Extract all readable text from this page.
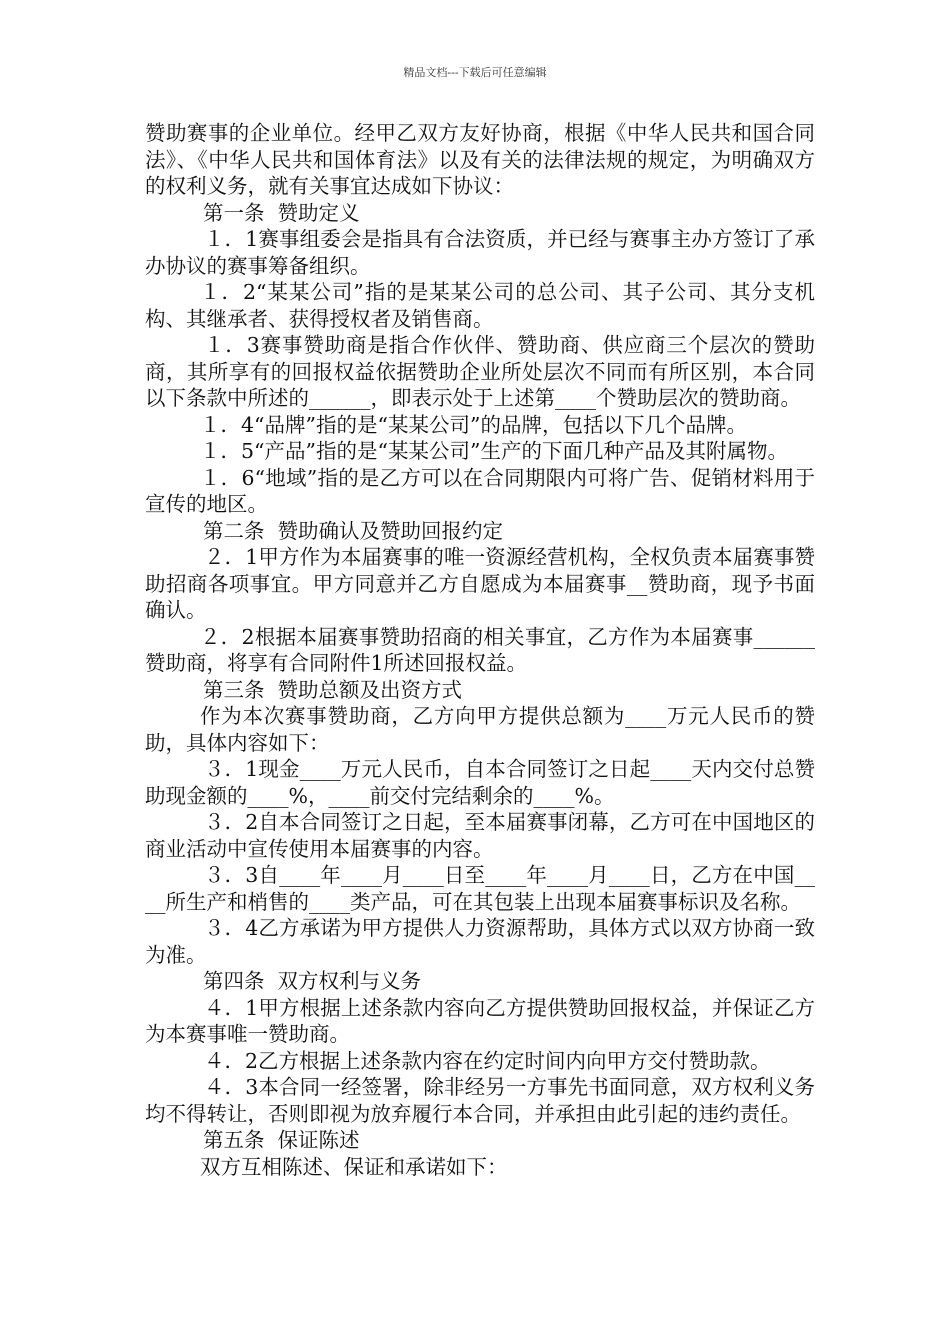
精品文档---下载后可任意编辑

赞助赛事的企业单位。经甲乙双方友好协商，根据《中华人民共和国合同法》、《中华人民共和国体育法》以及有关的法律法规的规定，为明确双方的权利义务，就有关事宜达成如下协议：

第一条  赞助定义

１．1赛事组委会是指具有合法资质，并已经与赛事主办方签订了承办协议的赛事筹备组织。

１．2“某某公司”指的是某某公司的总公司、其子公司、其分支机构、其继承者、获得授权者及销售商。

１．3赛事赞助商是指合作伙伴、赞助商、供应商三个层次的赞助商，其所享有的回报权益依据赞助企业所处层次不同而有所区别，本合同以下条款中所述的______，即表示处于上述第____个赞助层次的赞助商。

１．4“品牌”指的是“某某公司”的品牌，包括以下几个品牌。

１．5“产品”指的是“某某公司”生产的下面几种产品及其附属物。

１．6“地域”指的是乙方可以在合同期限内可将广告、促销材料用于宣传的地区。

第二条  赞助确认及赞助回报约定

２．1甲方作为本届赛事的唯一资源经营机构，全权负责本届赛事赞助招商各项事宜。甲方同意并乙方自愿成为本届赛事__赞助商，现予书面确认。

２．2根据本届赛事赞助招商的相关事宜，乙方作为本届赛事______赞助商，将享有合同附件1所述回报权益。

第三条  赞助总额及出资方式

作为本次赛事赞助商，乙方向甲方提供总额为____万元人民币的赞助，具体内容如下：

３．1现金____万元人民币，自本合同签订之日起____天内交付总赞助现金额的____%，____前交付完结剩余的____%。

３．2自本合同签订之日起，至本届赛事闭幕，乙方可在中国地区的商业活动中宣传使用本届赛事的内容。

３．3自____年____月____日至____年____月____日，乙方在中国____所生产和梢售的____类产品，可在其包装上出现本届赛事标识及名称。

３．4乙方承诺为甲方提供人力资源帮助，具体方式以双方协商一致为准。

第四条  双方权利与义务

４．1甲方根据上述条款内容向乙方提供赞助回报权益，并保证乙方为本赛事唯一赞助商。

４．2乙方根据上述条款内容在约定时间内向甲方交付赞助款。

４．3本合同一经签署，除非经另一方事先书面同意，双方权利义务均不得转让，否则即视为放弃履行本合同，并承担由此引起的违约责任。

第五条  保证陈述

双方互相陈述、保证和承诺如下：
